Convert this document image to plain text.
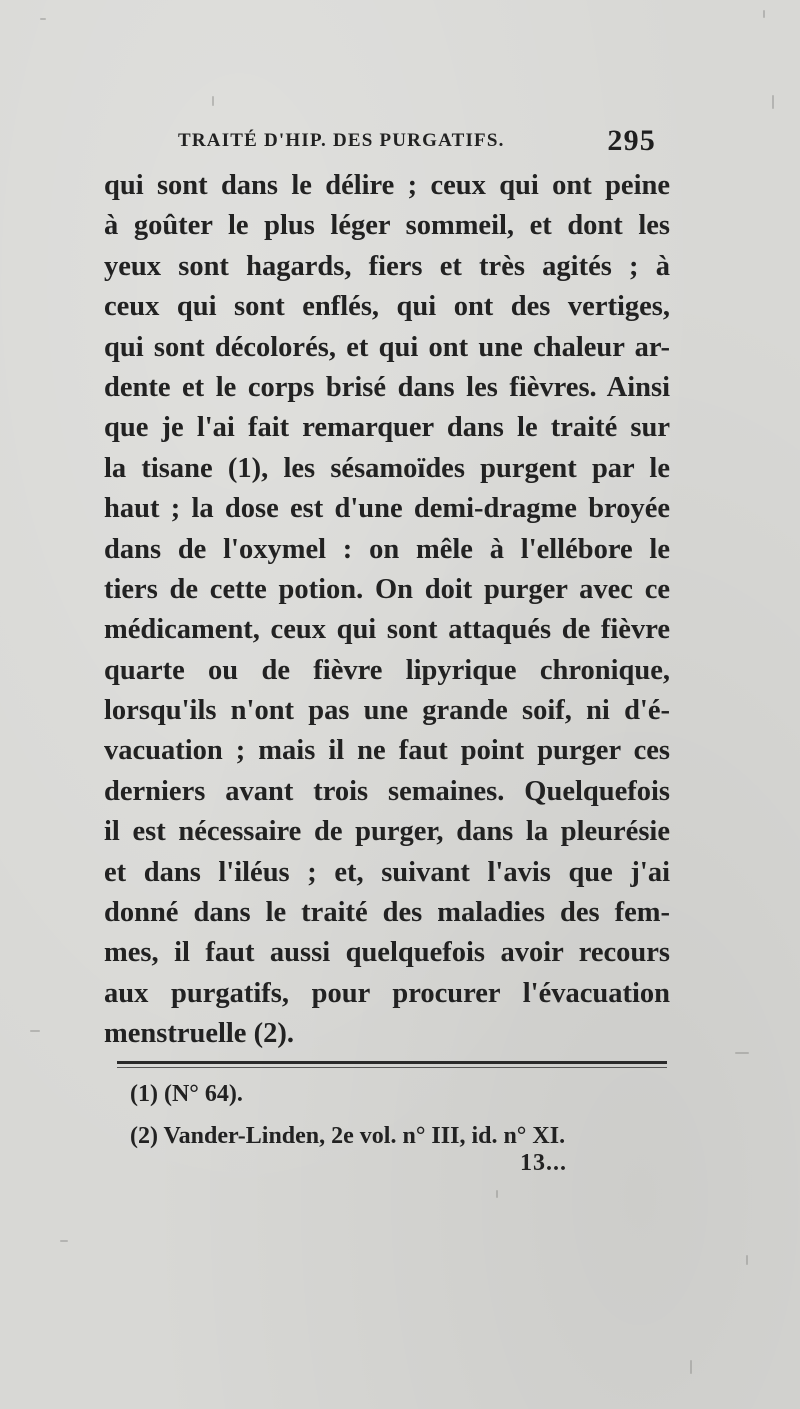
TRAITÉ D'HIP. DES PURGATIFS.	295
qui sont dans le délire ; ceux qui ont peine
à goûter le plus léger sommeil, et dont les
yeux sont hagards, fiers et très agités ; à
ceux qui sont enflés, qui ont des vertiges,
qui sont décolorés, et qui ont une chaleur ar-
dente et le corps brisé dans les fièvres. Ainsi
que je l'ai fait remarquer dans le traité sur
la tisane (1), les sésamoïdes purgent par le
haut ; la dose est d'une demi-dragme broyée
dans de l'oxymel : on mêle à l'ellébore le
tiers de cette potion. On doit purger avec ce
médicament, ceux qui sont attaqués de fièvre
quarte ou de fièvre lipyrique chronique,
lorsqu'ils n'ont pas une grande soif, ni d'é-
vacuation ; mais il ne faut point purger ces
derniers avant trois semaines. Quelquefois
il est nécessaire de purger, dans la pleurésie
et dans l'iléus ; et, suivant l'avis que j'ai
donné dans le traité des maladies des fem-
mes, il faut aussi quelquefois avoir recours
aux purgatifs, pour procurer l'évacuation
menstruelle (2).
(1) (N° 64).
(2) Vander-Linden, 2e vol. n° III, id. n° XI.
13...
